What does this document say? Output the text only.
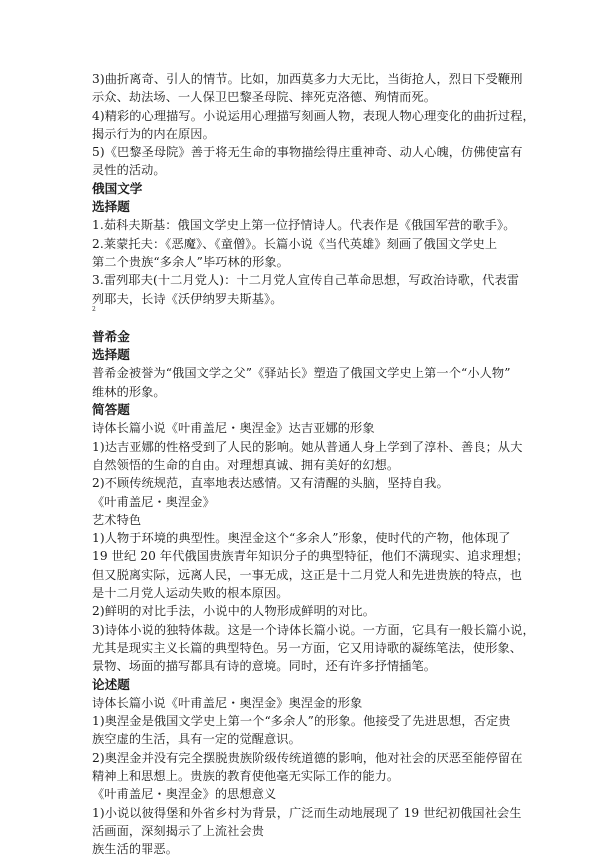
3)曲折离奇、引人的情节。比如，加西莫多力大无比，当街抢人，烈日下受鞭刑
示众、劫法场、一人保卫巴黎圣母院、摔死克洛德、殉情而死。
4)精彩的心理描写。小说运用心理描写刻画人物，表现人物心理变化的曲折过程，
揭示行为的内在原因。
5)《巴黎圣母院》善于将无生命的事物描绘得庄重神奇、动人心魄，仿佛使富有
灵性的活动。
俄国文学
选择题
1.茹科夫斯基：俄国文学史上第一位抒情诗人。代表作是《俄国军营的歌手》。
2.莱蒙托夫：《恶魔》、《童僧》。长篇小说《当代英雄》刻画了俄国文学史上
第二个贵族“多余人”毕巧林的形象。
3.雷列耶夫(十二月党人)：十二月党人宣传自己革命思想，写政治诗歌，代表雷
列耶夫，长诗《沃伊纳罗夫斯基》。
2
普希金
选择题
普希金被誉为“俄国文学之父”《驿站长》塑造了俄国文学史上第一个“小人物”
维林的形象。
简答题
诗体长篇小说《叶甫盖尼・奥涅金》达吉亚娜的形象
1)达吉亚娜的性格受到了人民的影响。她从普通人身上学到了淳朴、善良；从大
自然领悟的生命的自由。对理想真诚、拥有美好的幻想。
2)不顾传统规范，直率地表达感情。又有清醒的头脑，坚持自我。
《叶甫盖尼・奥涅金》
艺术特色
1)人物于环境的典型性。奥涅金这个“多余人”形象，使时代的产物，他体现了
19 世纪 20 年代俄国贵族青年知识分子的典型特征，他们不满现实、追求理想；
但又脱离实际，远离人民，一事无成，这正是十二月党人和先进贵族的特点，也
是十二月党人运动失败的根本原因。
2)鲜明的对比手法，小说中的人物形成鲜明的对比。
3)诗体小说的独特体裁。这是一个诗体长篇小说。一方面，它具有一般长篇小说，
尤其是现实主义长篇的典型特色。另一方面，它又用诗歌的凝练笔法，使形象、
景物、场面的描写都具有诗的意境。同时，还有许多抒情插笔。
论述题
诗体长篇小说《叶甫盖尼・奥涅金》奥涅金的形象
1)奥涅金是俄国文学史上第一个“多余人”的形象。他接受了先进思想，否定贵
族空虚的生活，具有一定的觉醒意识。
2)奥涅金并没有完全摆脱贵族阶级传统道德的影响，他对社会的厌恶至能停留在
精神上和思想上。贵族的教育使他毫无实际工作的能力。
《叶甫盖尼・奥涅金》的思想意义
1)小说以彼得堡和外省乡村为背景，广泛而生动地展现了 19 世纪初俄国社会生
活画面，深刻揭示了上流社会贵
族生活的罪恶。
